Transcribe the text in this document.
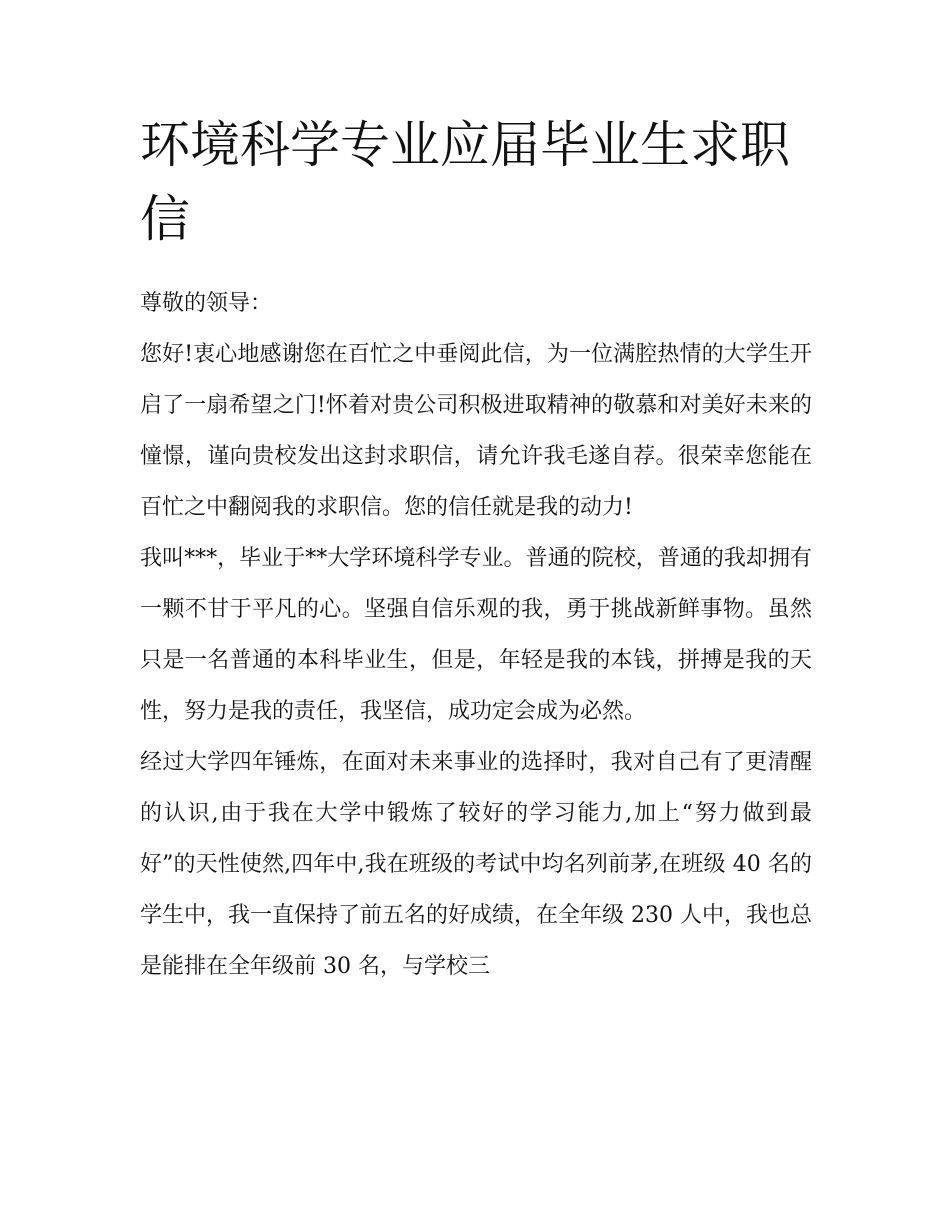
环境科学专业应届毕业生求职信

尊敬的领导：

您好!衷心地感谢您在百忙之中垂阅此信，为一位满腔热情的大学生开启了一扇希望之门!怀着对贵公司积极进取精神的敬慕和对美好未来的憧憬，谨向贵校发出这封求职信，请允许我毛遂自荐。很荣幸您能在百忙之中翻阅我的求职信。您的信任就是我的动力!

我叫***，毕业于**大学环境科学专业。普通的院校，普通的我却拥有一颗不甘于平凡的心。坚强自信乐观的我，勇于挑战新鲜事物。虽然只是一名普通的本科毕业生，但是，年轻是我的本钱，拼搏是我的天性，努力是我的责任，我坚信，成功定会成为必然。

经过大学四年锤炼，在面对未来事业的选择时，我对自己有了更清醒的认识,由于我在大学中锻炼了较好的学习能力,加上“努力做到最好”的天性使然,四年中,我在班级的考试中均名列前茅,在班级 40 名的学生中，我一直保持了前五名的好成绩，在全年级 230 人中，我也总是能排在全年级前 30 名，与学校三
